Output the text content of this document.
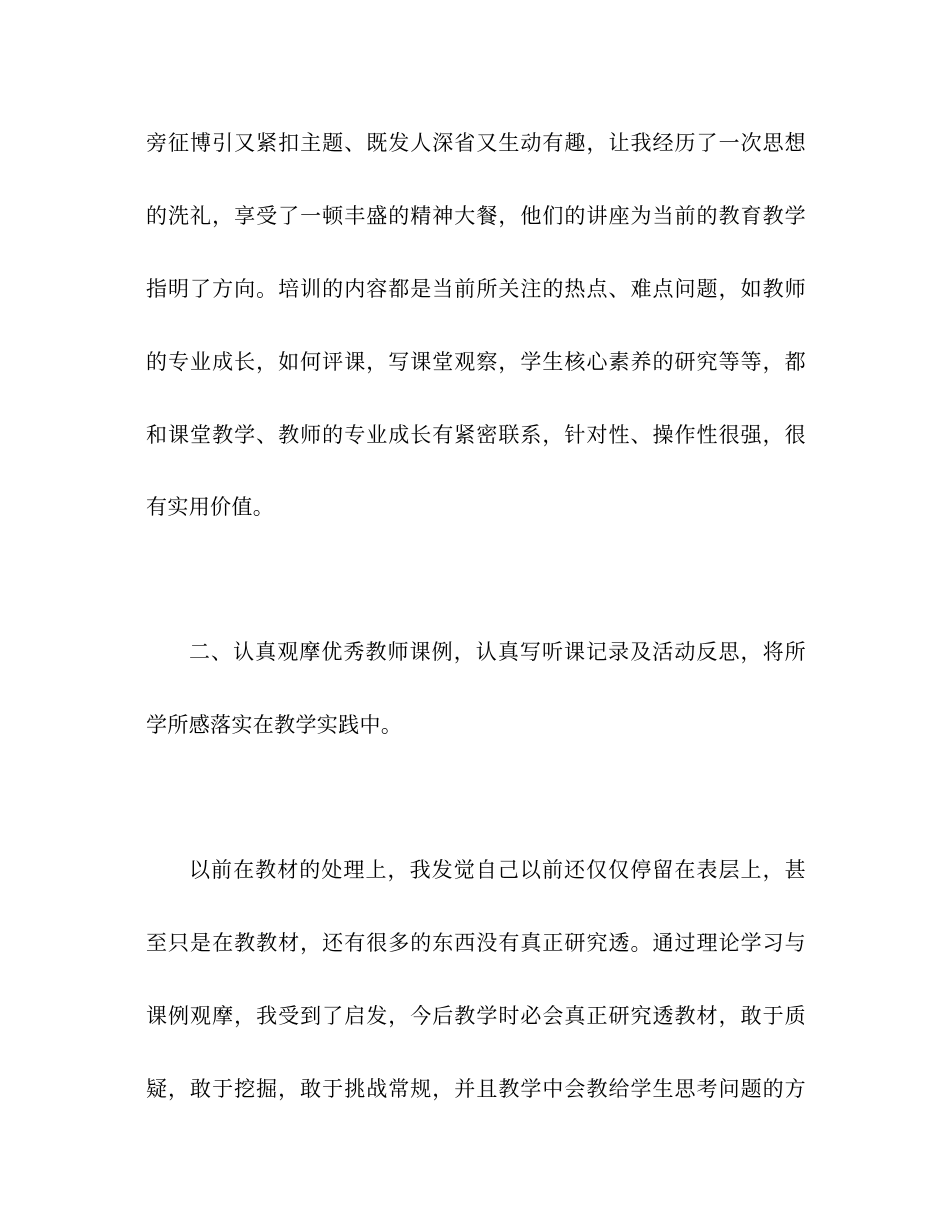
旁征博引又紧扣主题、既发人深省又生动有趣，让我经历了一次思想
的洗礼，享受了一顿丰盛的精神大餐，他们的讲座为当前的教育教学
指明了方向。培训的内容都是当前所关注的热点、难点问题，如教师
的专业成长，如何评课，写课堂观察，学生核心素养的研究等等，都
和课堂教学、教师的专业成长有紧密联系，针对性、操作性很强，很
有实用价值。
二、认真观摩优秀教师课例，认真写听课记录及活动反思，将所
学所感落实在教学实践中。
以前在教材的处理上，我发觉自己以前还仅仅停留在表层上，甚
至只是在教教材，还有很多的东西没有真正研究透。通过理论学习与
课例观摩，我受到了启发，今后教学时必会真正研究透教材，敢于质
疑，敢于挖掘，敢于挑战常规，并且教学中会教给学生思考问题的方
